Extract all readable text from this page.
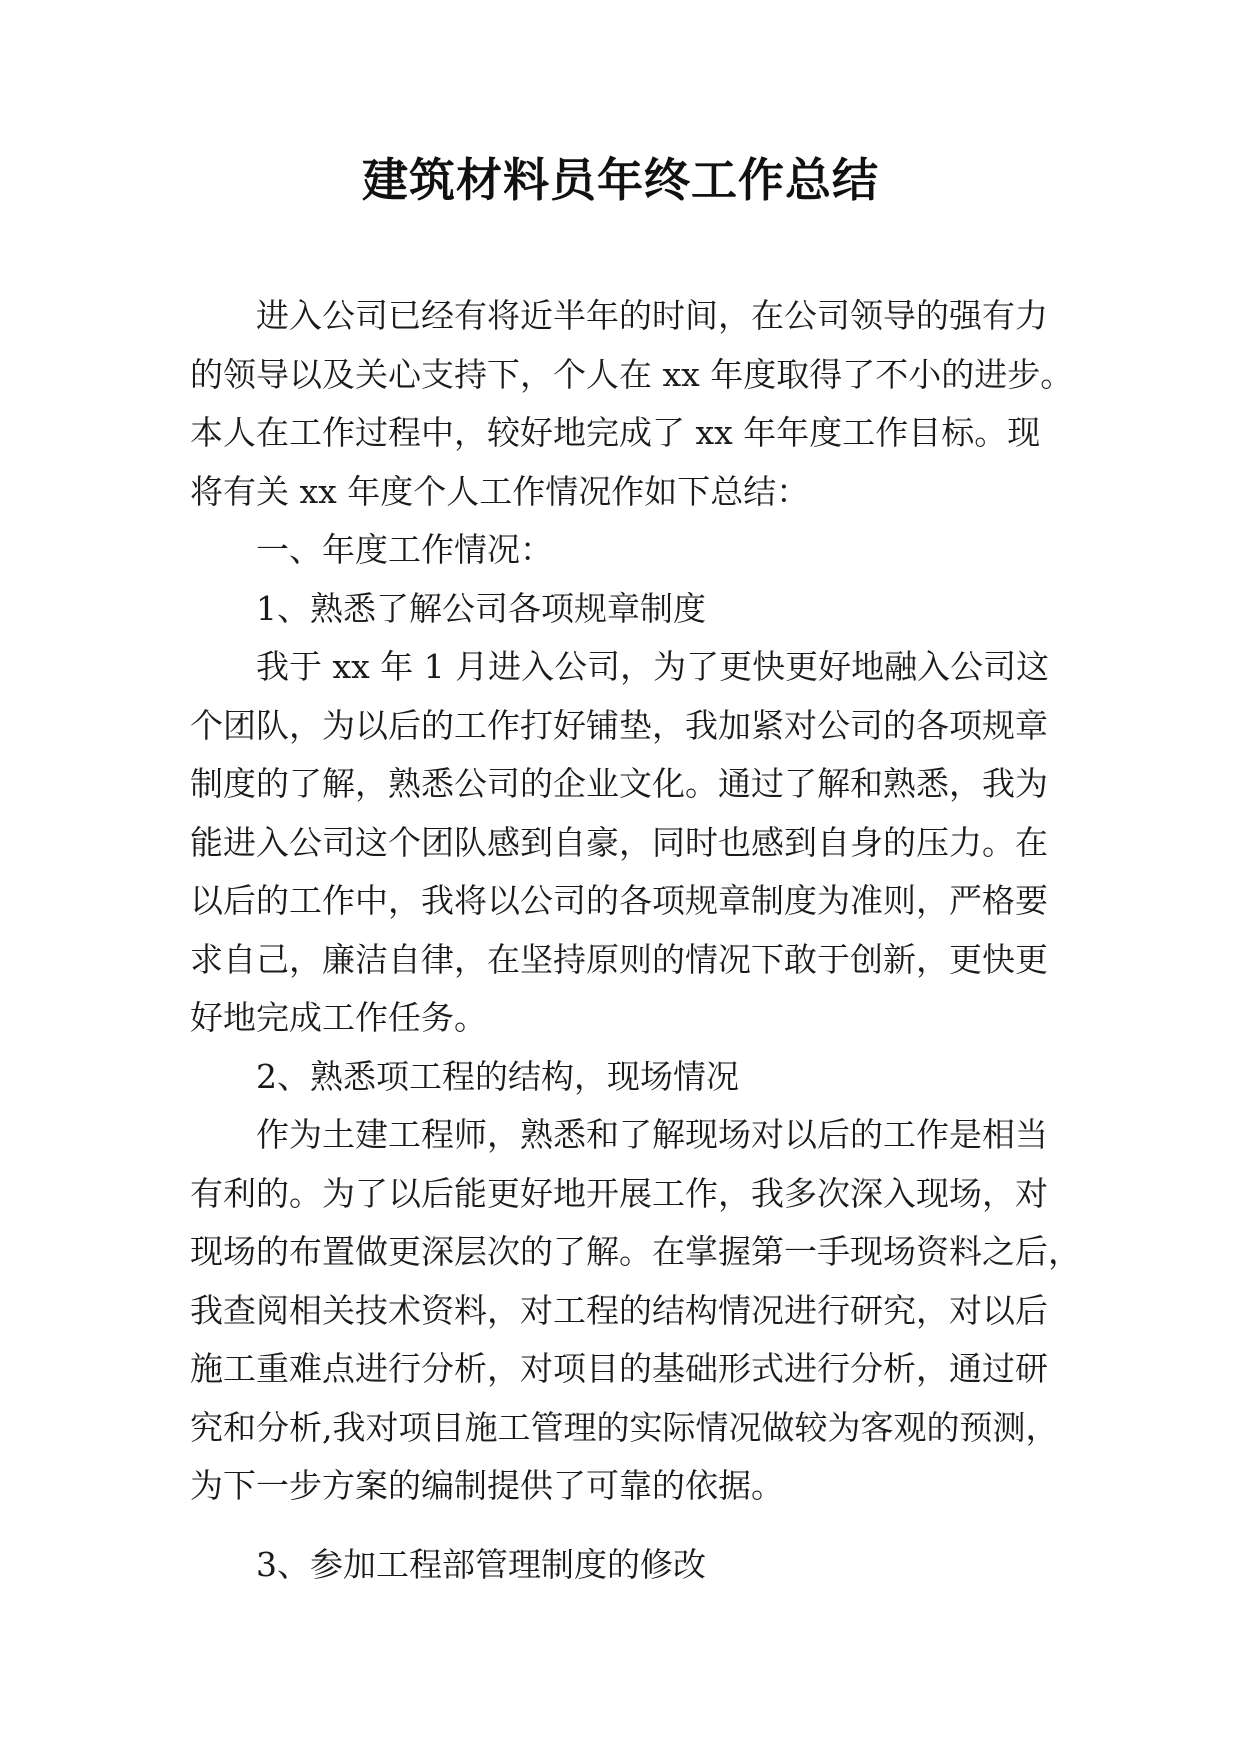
建筑材料员年终工作总结
进入公司已经有将近半年的时间，在公司领导的强有力
的领导以及关心支持下，个人在 xx 年度取得了不小的进步。
本人在工作过程中，较好地完成了 xx 年年度工作目标。现
将有关 xx 年度个人工作情况作如下总结：
一、年度工作情况：
1、熟悉了解公司各项规章制度
我于 xx 年 1 月进入公司，为了更快更好地融入公司这
个团队，为以后的工作打好铺垫，我加紧对公司的各项规章
制度的了解，熟悉公司的企业文化。通过了解和熟悉，我为
能进入公司这个团队感到自豪，同时也感到自身的压力。在
以后的工作中，我将以公司的各项规章制度为准则，严格要
求自己，廉洁自律，在坚持原则的情况下敢于创新，更快更
好地完成工作任务。
2、熟悉项工程的结构，现场情况
作为土建工程师，熟悉和了解现场对以后的工作是相当
有利的。为了以后能更好地开展工作，我多次深入现场，对
现场的布置做更深层次的了解。在掌握第一手现场资料之后，
我查阅相关技术资料，对工程的结构情况进行研究，对以后
施工重难点进行分析，对项目的基础形式进行分析，通过研
究和分析,我对项目施工管理的实际情况做较为客观的预测，
为下一步方案的编制提供了可靠的依据。
3、参加工程部管理制度的修改
